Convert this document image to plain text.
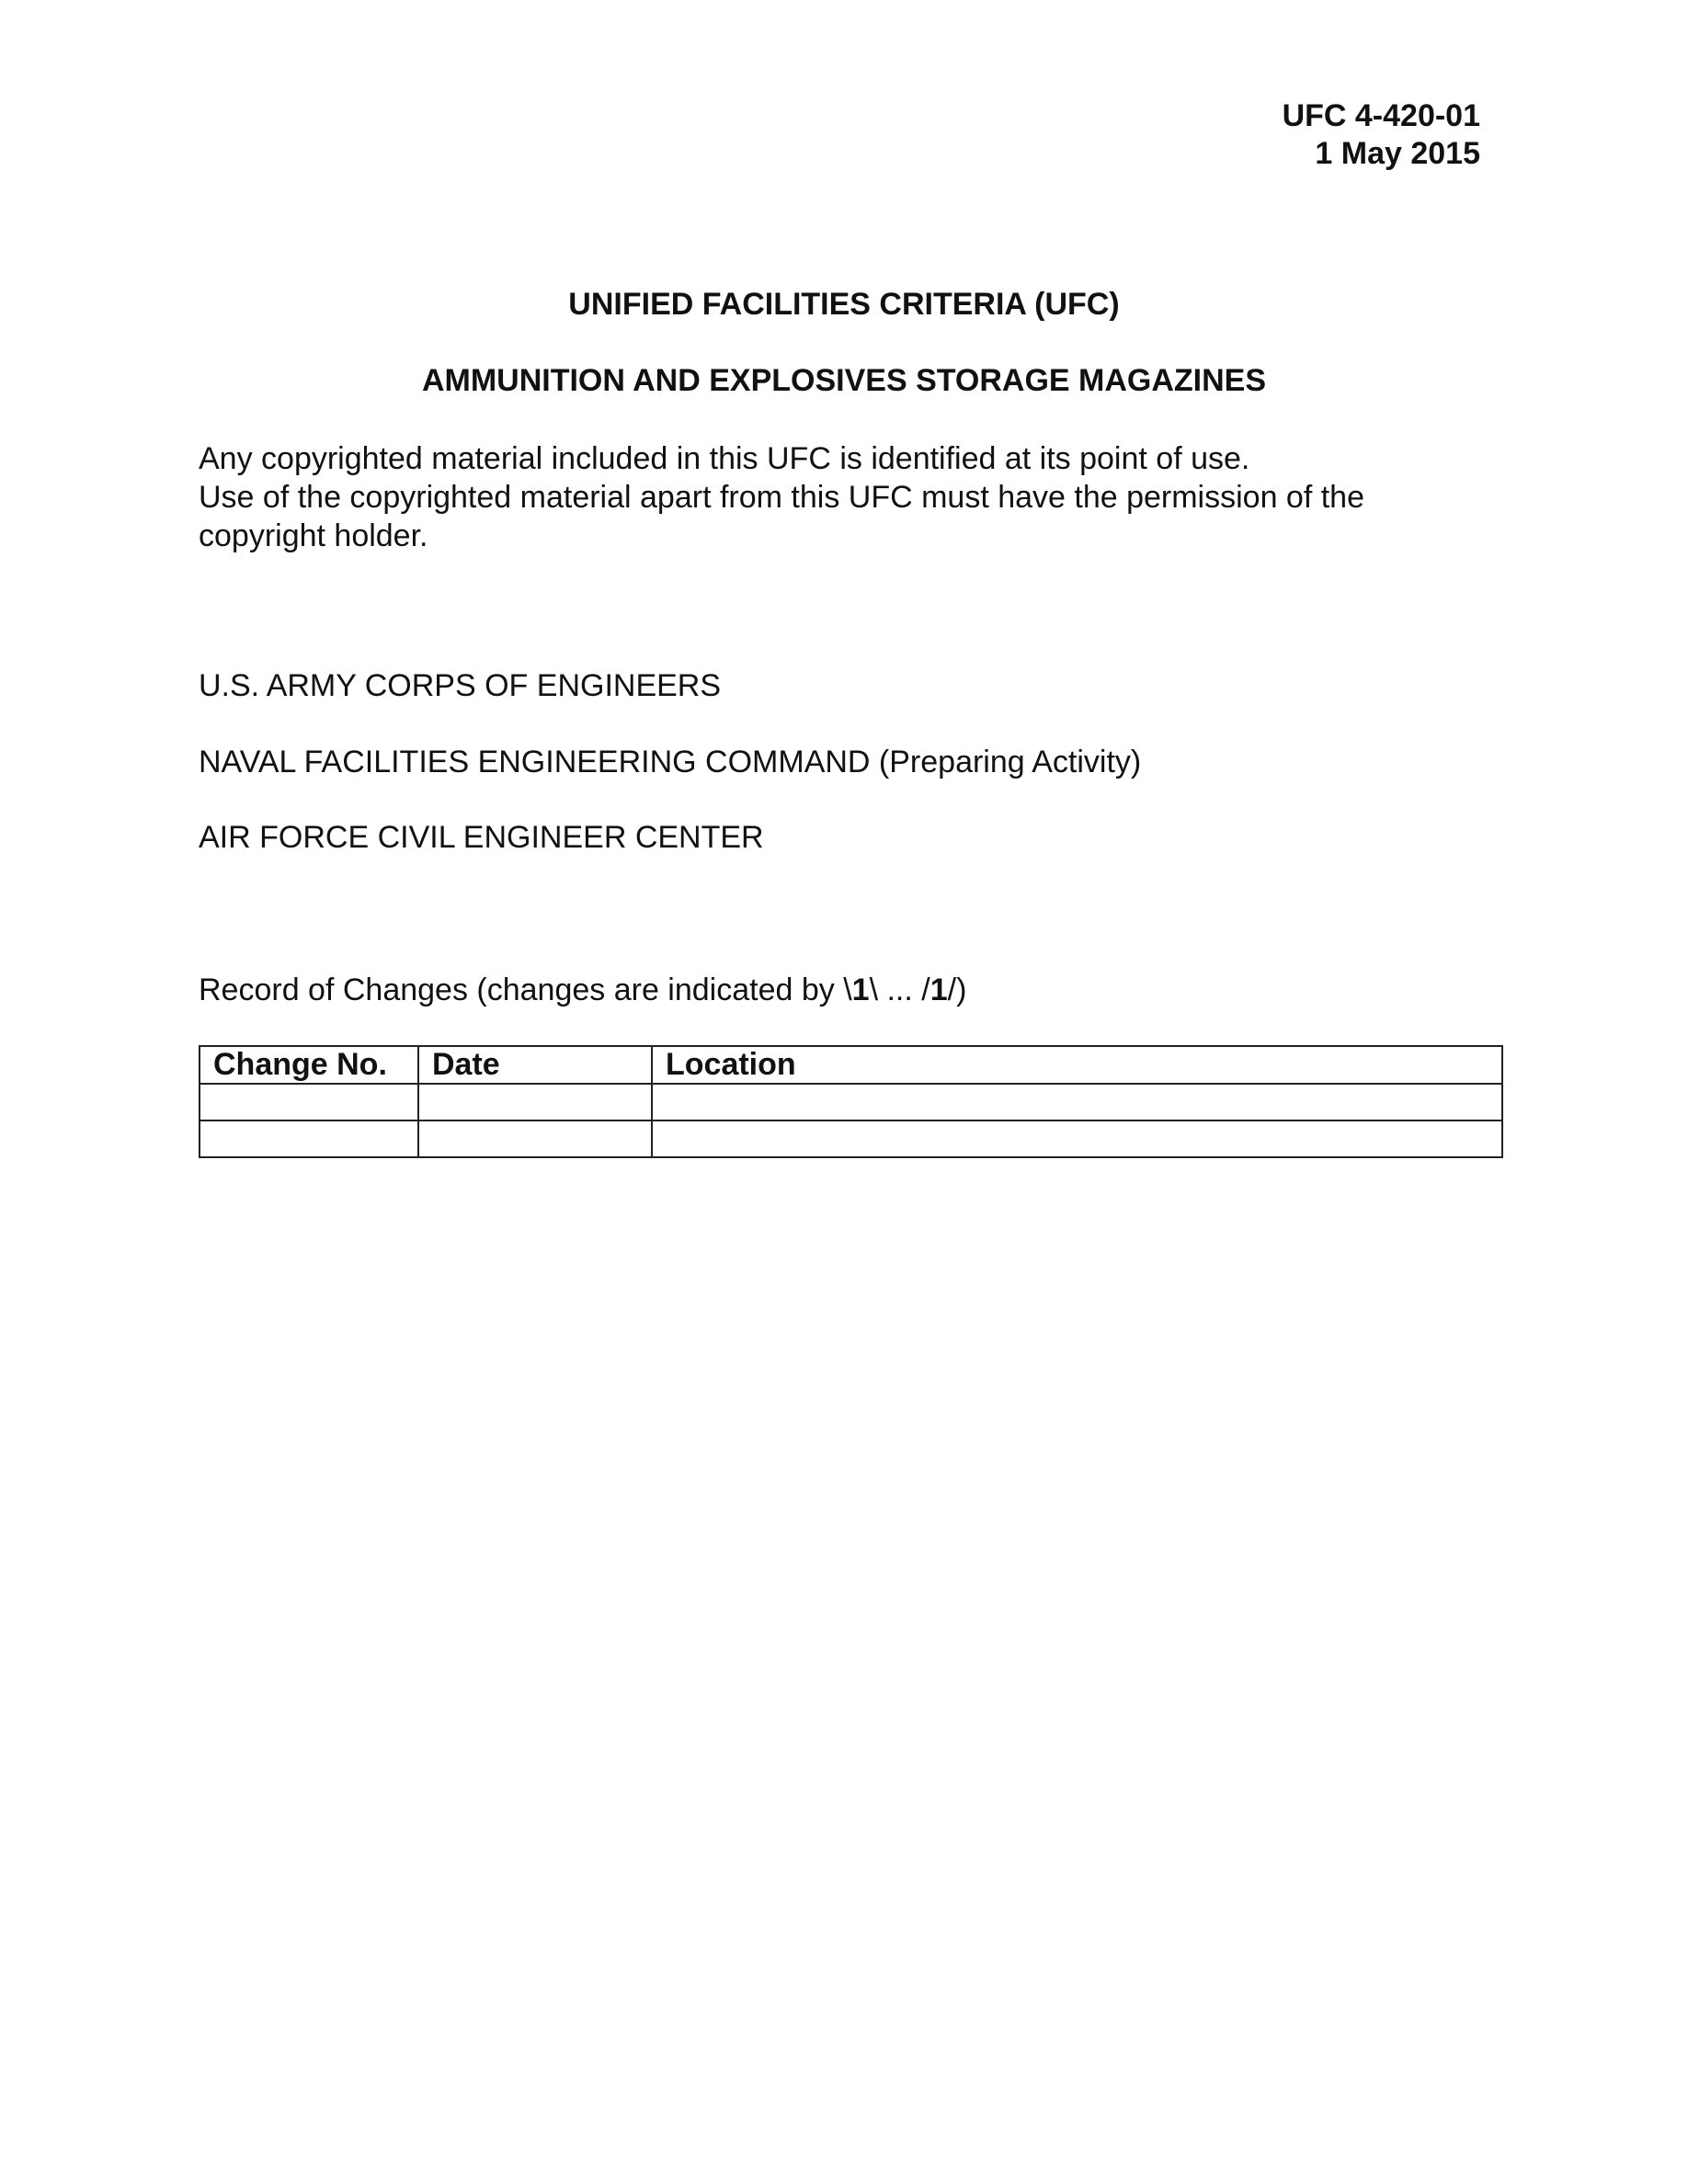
UFC 4-420-01
1 May 2015
UNIFIED FACILITIES CRITERIA (UFC)
AMMUNITION AND EXPLOSIVES STORAGE MAGAZINES
Any copyrighted material included in this UFC is identified at its point of use.
Use of the copyrighted material apart from this UFC must have the permission of the
copyright holder.
U.S. ARMY CORPS OF ENGINEERS
NAVAL FACILITIES ENGINEERING COMMAND (Preparing Activity)
AIR FORCE CIVIL ENGINEER CENTER
Record of Changes (changes are indicated by \1\ ... /1/)
Change No.	Date	Location
